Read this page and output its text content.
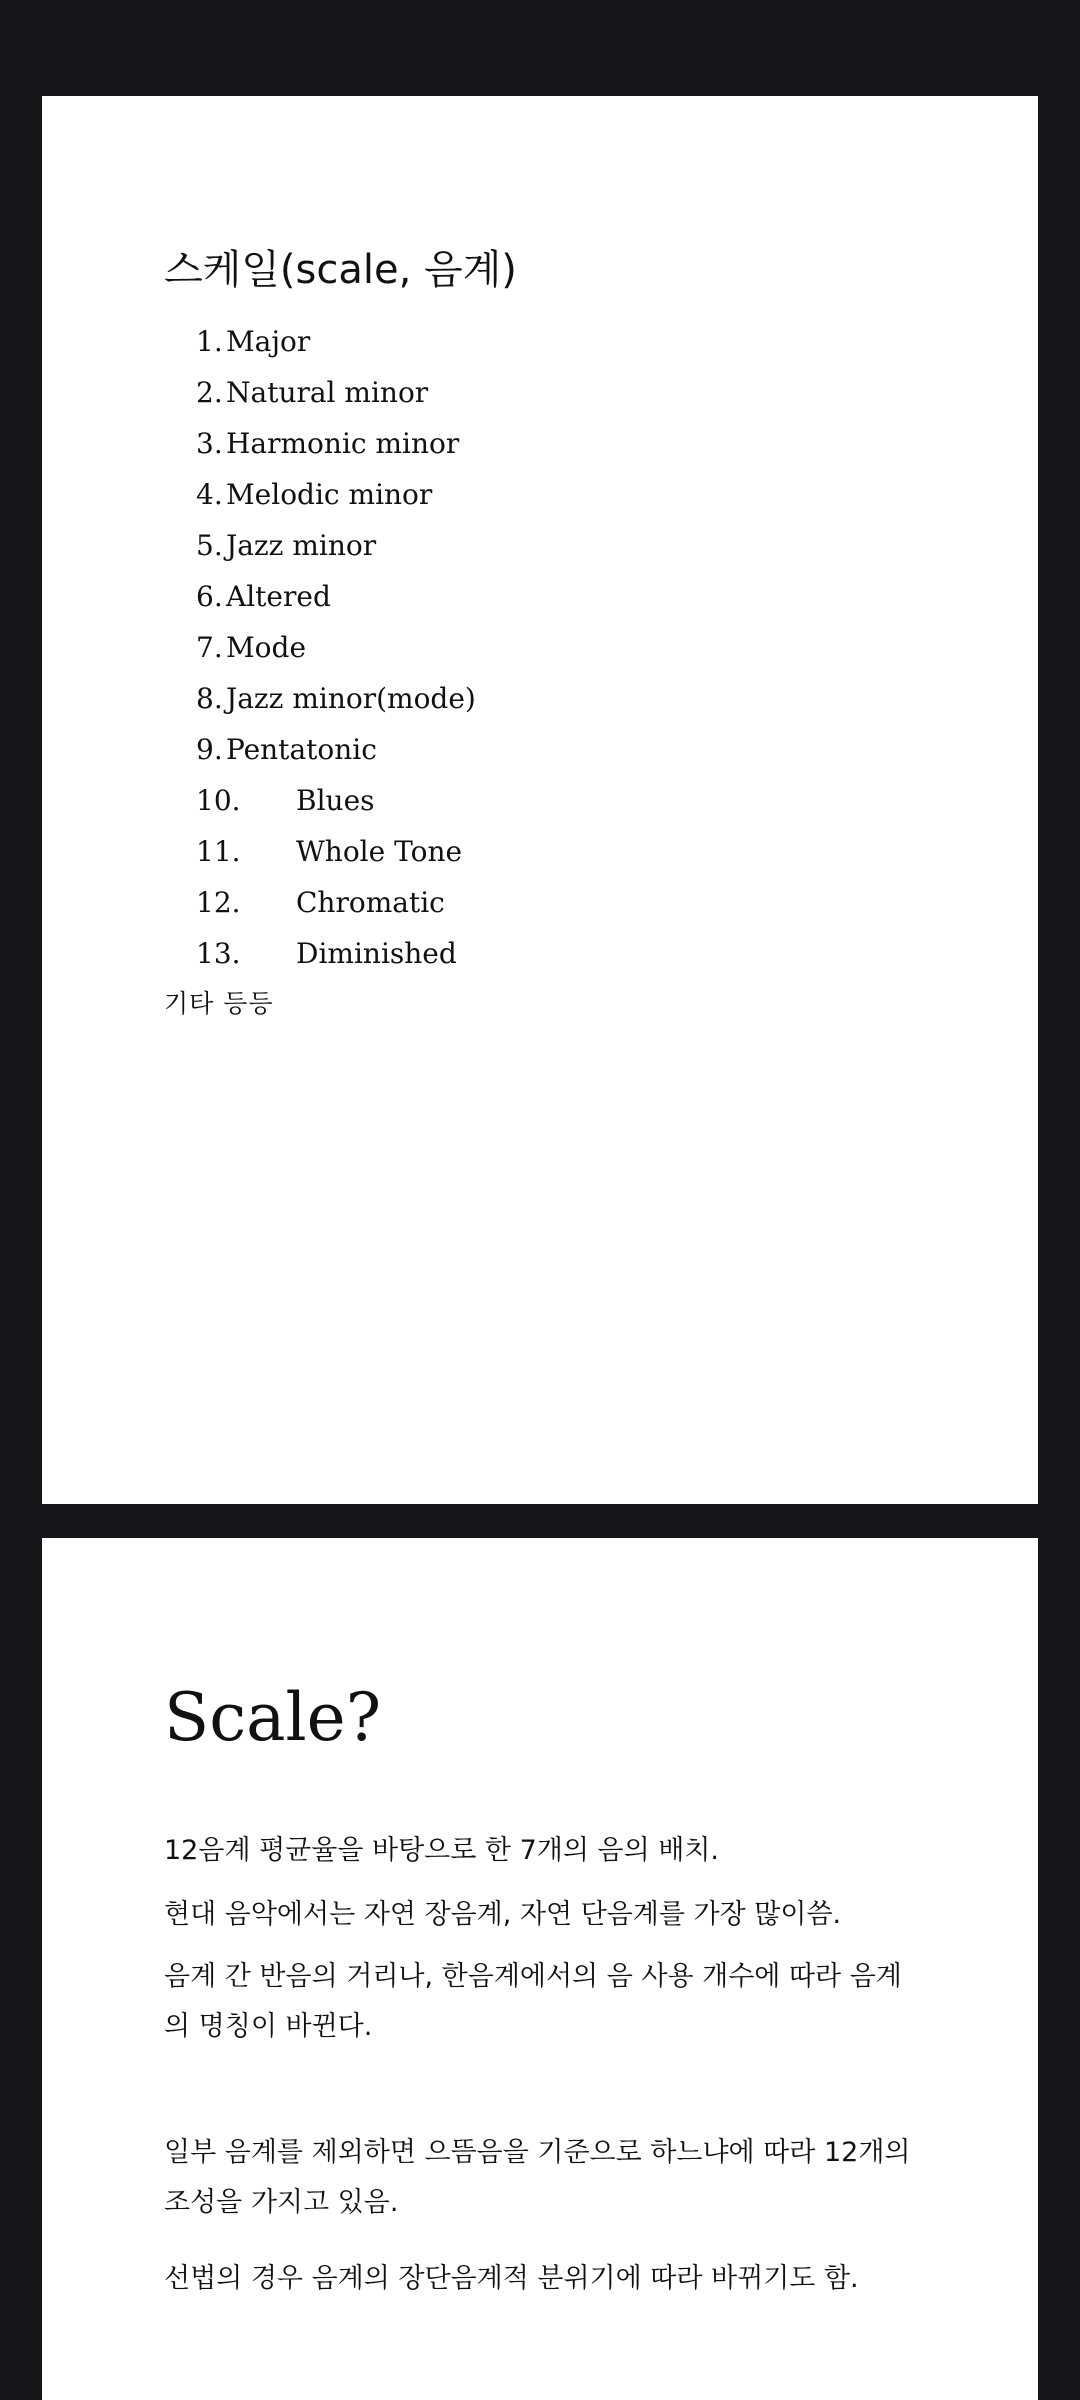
스케일(scale, 음계)
1. Major
2. Natural minor
3. Harmonic minor
4. Melodic minor
5. Jazz minor
6. Altered
7. Mode
8. Jazz minor(mode)
9. Pentatonic
10. Blues
11. Whole Tone
12. Chromatic
13. Diminished
기타 등등
Scale?

12음계 평균율을 바탕으로 한 7개의 음의 배치.

현대 음악에서는 자연 장음계, 자연 단음계를 가장 많이씀.

음계 간 반음의 거리나, 한음계에서의 음 사용 개수에 따라 음계의 명칭이 바뀐다.

일부 음계를 제외하면 으뜸음을 기준으로 하느냐에 따라 12개의 조성을 가지고 있음.

선법의 경우 음계의 장단음계적 분위기에 따라 바뀌기도 함.
